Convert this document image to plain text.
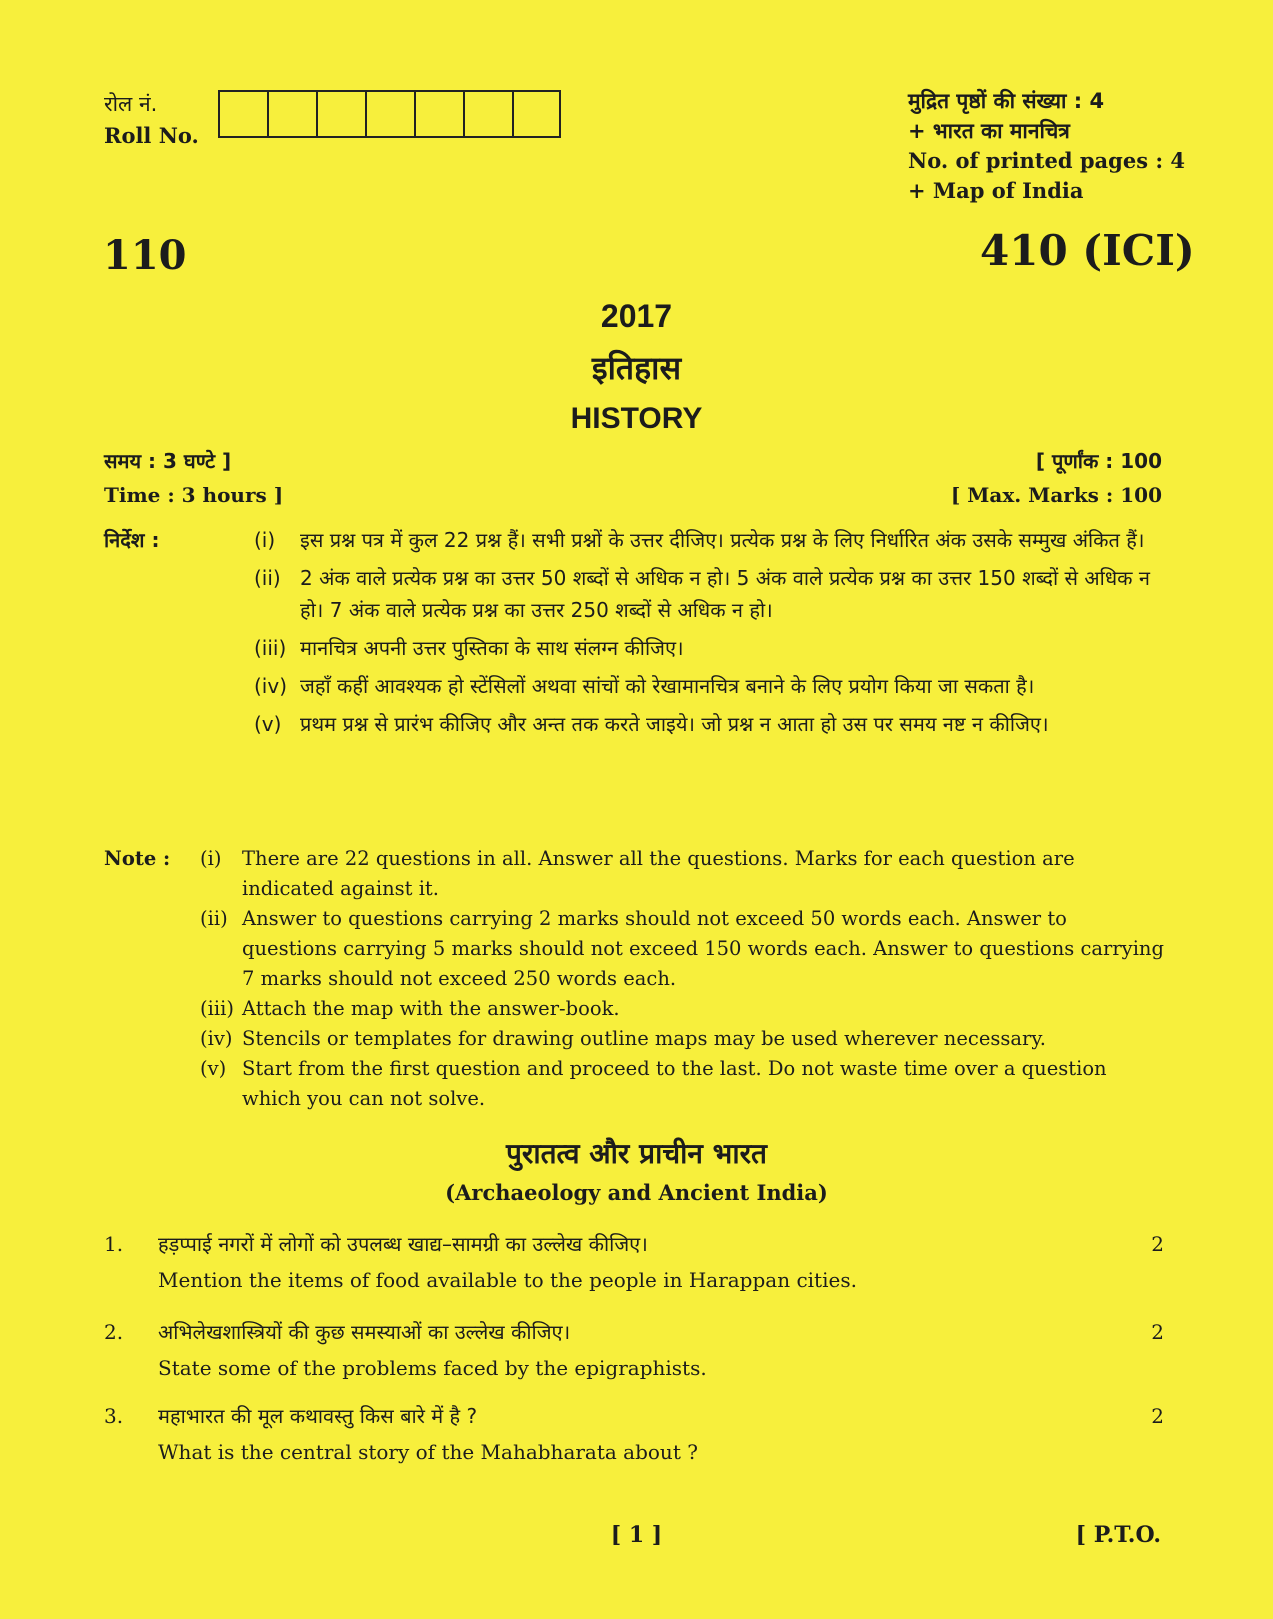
रोल नं.
Roll No.
मुद्रित पृष्ठों की संख्या : 4
+ भारत का मानचित्र
No. of printed pages : 4
+ Map of India
110	410 (ICI)
2017
इतिहास
HISTORY
समय : 3 घण्टे ]
Time : 3 hours ]
[ पूर्णांक : 100
[ Max. Marks : 100
निर्देश :	(i) इस प्रश्न पत्र में कुल 22 प्रश्न हैं। सभी प्रश्नों के उत्तर दीजिए। प्रत्येक प्रश्न के लिए निर्धारित अंक उसके सम्मुख अंकित हैं।
(ii) 2 अंक वाले प्रत्येक प्रश्न का उत्तर 50 शब्दों से अधिक न हो। 5 अंक वाले प्रत्येक प्रश्न का उत्तर 150 शब्दों से अधिक न हो। 7 अंक वाले प्रत्येक प्रश्न का उत्तर 250 शब्दों से अधिक न हो।
(iii) मानचित्र अपनी उत्तर पुस्तिका के साथ संलग्न कीजिए।
(iv) जहाँ कहीं आवश्यक हो स्टेंसिलों अथवा सांचों को रेखामानचित्र बनाने के लिए प्रयोग किया जा सकता है।
(v) प्रथम प्रश्न से प्रारंभ कीजिए और अन्त तक करते जाइये। जो प्रश्न न आता हो उस पर समय नष्ट न कीजिए।
Note :	(i) There are 22 questions in all. Answer all the questions. Marks for each question are indicated against it.
(ii) Answer to questions carrying 2 marks should not exceed 50 words each. Answer to questions carrying 5 marks should not exceed 150 words each. Answer to questions carrying 7 marks should not exceed 250 words each.
(iii) Attach the map with the answer-book.
(iv) Stencils or templates for drawing outline maps may be used wherever necessary.
(v) Start from the first question and proceed to the last. Do not waste time over a question which you can not solve.
पुरातत्व और प्राचीन भारत
(Archaeology and Ancient India)
1. हड़प्पाई नगरों में लोगों को उपलब्ध खाद्य–सामग्री का उल्लेख कीजिए।
Mention the items of food available to the people in Harappan cities.
2
2. अभिलेखशास्त्रियों की कुछ समस्याओं का उल्लेख कीजिए।
State some of the problems faced by the epigraphists.
2
3. महाभारत की मूल कथावस्तु किस बारे में है ?
What is the central story of the Mahabharata about ?
2
[ 1 ]	[ P.T.O.
